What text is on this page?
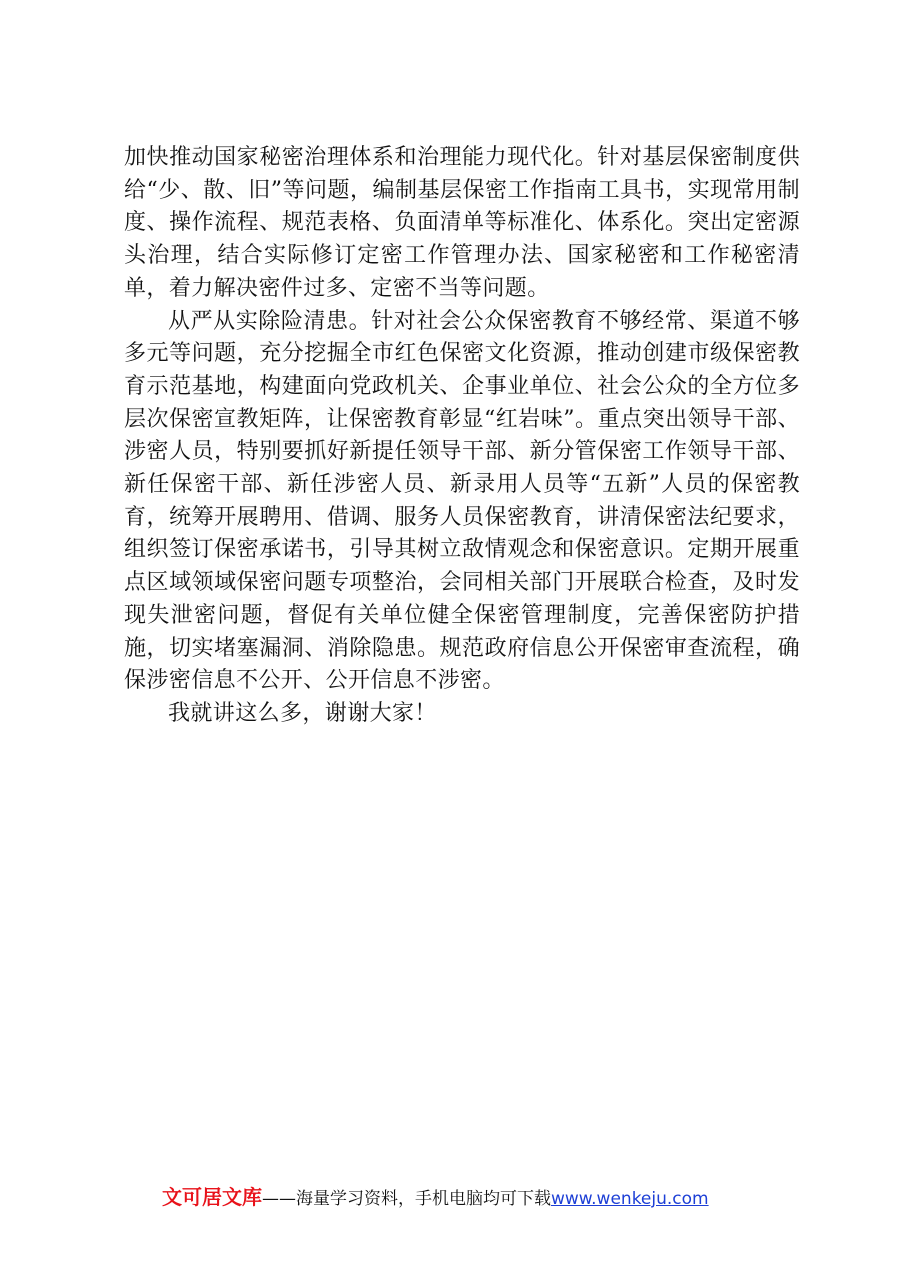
加快推动国家秘密治理体系和治理能力现代化。针对基层保密制度供给“少、散、旧”等问题，编制基层保密工作指南工具书，实现常用制度、操作流程、规范表格、负面清单等标准化、体系化。突出定密源头治理，结合实际修订定密工作管理办法、国家秘密和工作秘密清单，着力解决密件过多、定密不当等问题。

从严从实除险清患。针对社会公众保密教育不够经常、渠道不够多元等问题，充分挖掘全市红色保密文化资源，推动创建市级保密教育示范基地，构建面向党政机关、企事业单位、社会公众的全方位多层次保密宣教矩阵，让保密教育彰显“红岩味”。重点突出领导干部、涉密人员，特别要抓好新提任领导干部、新分管保密工作领导干部、新任保密干部、新任涉密人员、新录用人员等“五新”人员的保密教育，统筹开展聘用、借调、服务人员保密教育，讲清保密法纪要求，组织签订保密承诺书，引导其树立敌情观念和保密意识。定期开展重点区域领域保密问题专项整治，会同相关部门开展联合检查，及时发现失泄密问题，督促有关单位健全保密管理制度，完善保密防护措施，切实堵塞漏洞、消除隐患。规范政府信息公开保密审查流程，确保涉密信息不公开、公开信息不涉密。

我就讲这么多，谢谢大家！

文可居文库——海量学习资料，手机电脑均可下载www.wenkeju.com
